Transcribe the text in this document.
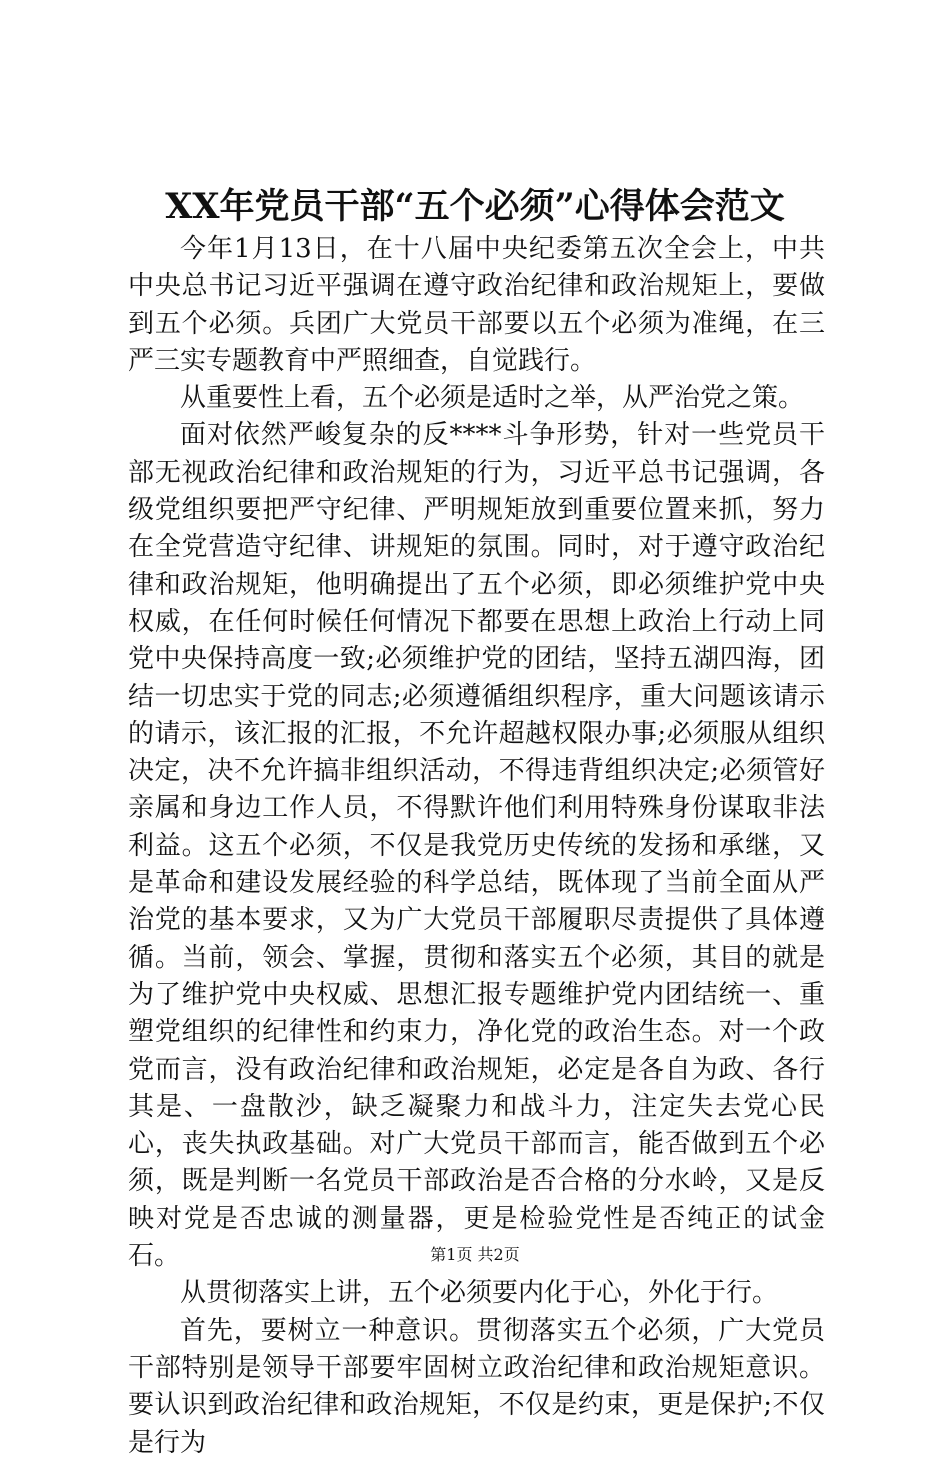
XX年党员干部“五个必须”心得体会范文

今年1月13日，在十八届中央纪委第五次全会上，中共中央总书记习近平强调在遵守政治纪律和政治规矩上，要做到五个必须。兵团广大党员干部要以五个必须为准绳，在三严三实专题教育中严照细查，自觉践行。

从重要性上看，五个必须是适时之举，从严治党之策。

面对依然严峻复杂的反****斗争形势，针对一些党员干部无视政治纪律和政治规矩的行为，习近平总书记强调，各级党组织要把严守纪律、严明规矩放到重要位置来抓，努力在全党营造守纪律、讲规矩的氛围。同时，对于遵守政治纪律和政治规矩，他明确提出了五个必须，即必须维护党中央权威，在任何时候任何情况下都要在思想上政治上行动上同党中央保持高度一致;必须维护党的团结，坚持五湖四海，团结一切忠实于党的同志;必须遵循组织程序，重大问题该请示的请示，该汇报的汇报，不允许超越权限办事;必须服从组织决定，决不允许搞非组织活动，不得违背组织决定;必须管好亲属和身边工作人员，不得默许他们利用特殊身份谋取非法利益。这五个必须，不仅是我党历史传统的发扬和承继，又是革命和建设发展经验的科学总结，既体现了当前全面从严治党的基本要求，又为广大党员干部履职尽责提供了具体遵循。当前，领会、掌握，贯彻和落实五个必须，其目的就是为了维护党中央权威、思想汇报专题维护党内团结统一、重塑党组织的纪律性和约束力，净化党的政治生态。对一个政党而言，没有政治纪律和政治规矩，必定是各自为政、各行其是、一盘散沙，缺乏凝聚力和战斗力，注定失去党心民心，丧失执政基础。对广大党员干部而言，能否做到五个必须，既是判断一名党员干部政治是否合格的分水岭，又是反映对党是否忠诚的测量器，更是检验党性是否纯正的试金石。

从贯彻落实上讲，五个必须要内化于心，外化于行。

首先，要树立一种意识。贯彻落实五个必须，广大党员干部特别是领导干部要牢固树立政治纪律和政治规矩意识。要认识到政治纪律和政治规矩，不仅是约束，更是保护;不仅是行为

第1页 共2页
